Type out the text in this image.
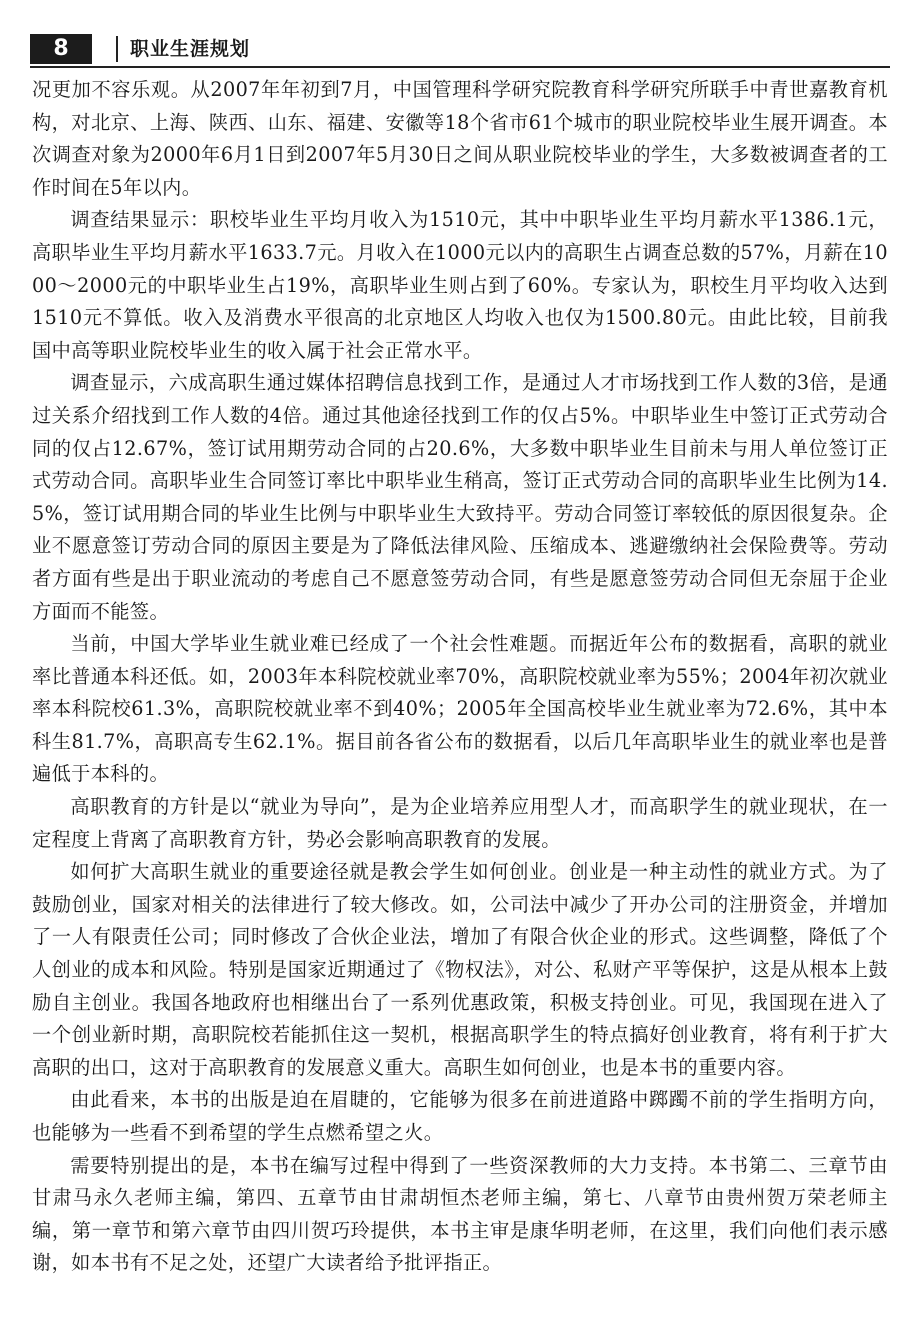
8	职业生涯规划

况更加不容乐观。从2007年年初到7月，中国管理科学研究院教育科学研究所联手中青世嘉教育机构，对北京、上海、陕西、山东、福建、安徽等18个省市61个城市的职业院校毕业生展开调查。本次调查对象为2000年6月1日到2007年5月30日之间从职业院校毕业的学生，大多数被调查者的工作时间在5年以内。

调查结果显示：职校毕业生平均月收入为1510元，其中中职毕业生平均月薪水平1386.1元，高职毕业生平均月薪水平1633.7元。月收入在1000元以内的高职生占调查总数的57%，月薪在1000～2000元的中职毕业生占19%，高职毕业生则占到了60%。专家认为，职校生月平均收入达到1510元不算低。收入及消费水平很高的北京地区人均收入也仅为1500.80元。由此比较，目前我国中高等职业院校毕业生的收入属于社会正常水平。

调查显示，六成高职生通过媒体招聘信息找到工作，是通过人才市场找到工作人数的3倍，是通过关系介绍找到工作人数的4倍。通过其他途径找到工作的仅占5%。中职毕业生中签订正式劳动合同的仅占12.67%，签订试用期劳动合同的占20.6%，大多数中职毕业生目前未与用人单位签订正式劳动合同。高职毕业生合同签订率比中职毕业生稍高，签订正式劳动合同的高职毕业生比例为14.5%，签订试用期合同的毕业生比例与中职毕业生大致持平。劳动合同签订率较低的原因很复杂。企业不愿意签订劳动合同的原因主要是为了降低法律风险、压缩成本、逃避缴纳社会保险费等。劳动者方面有些是出于职业流动的考虑自己不愿意签劳动合同，有些是愿意签劳动合同但无奈屈于企业方面而不能签。

当前，中国大学毕业生就业难已经成了一个社会性难题。而据近年公布的数据看，高职的就业率比普通本科还低。如，2003年本科院校就业率70%，高职院校就业率为55%；2004年初次就业率本科院校61.3%，高职院校就业率不到40%；2005年全国高校毕业生就业率为72.6%，其中本科生81.7%，高职高专生62.1%。据目前各省公布的数据看，以后几年高职毕业生的就业率也是普遍低于本科的。

高职教育的方针是以“就业为导向”，是为企业培养应用型人才，而高职学生的就业现状，在一定程度上背离了高职教育方针，势必会影响高职教育的发展。

如何扩大高职生就业的重要途径就是教会学生如何创业。创业是一种主动性的就业方式。为了鼓励创业，国家对相关的法律进行了较大修改。如，公司法中减少了开办公司的注册资金，并增加了一人有限责任公司；同时修改了合伙企业法，增加了有限合伙企业的形式。这些调整，降低了个人创业的成本和风险。特别是国家近期通过了《物权法》，对公、私财产平等保护，这是从根本上鼓励自主创业。我国各地政府也相继出台了一系列优惠政策，积极支持创业。可见，我国现在进入了一个创业新时期，高职院校若能抓住这一契机，根据高职学生的特点搞好创业教育，将有利于扩大高职的出口，这对于高职教育的发展意义重大。高职生如何创业，也是本书的重要内容。

由此看来，本书的出版是迫在眉睫的，它能够为很多在前进道路中踯躅不前的学生指明方向，也能够为一些看不到希望的学生点燃希望之火。

需要特别提出的是，本书在编写过程中得到了一些资深教师的大力支持。本书第二、三章节由甘肃马永久老师主编，第四、五章节由甘肃胡恒杰老师主编，第七、八章节由贵州贺万荣老师主编，第一章节和第六章节由四川贺巧玲提供，本书主审是康华明老师，在这里，我们向他们表示感谢，如本书有不足之处，还望广大读者给予批评指正。
